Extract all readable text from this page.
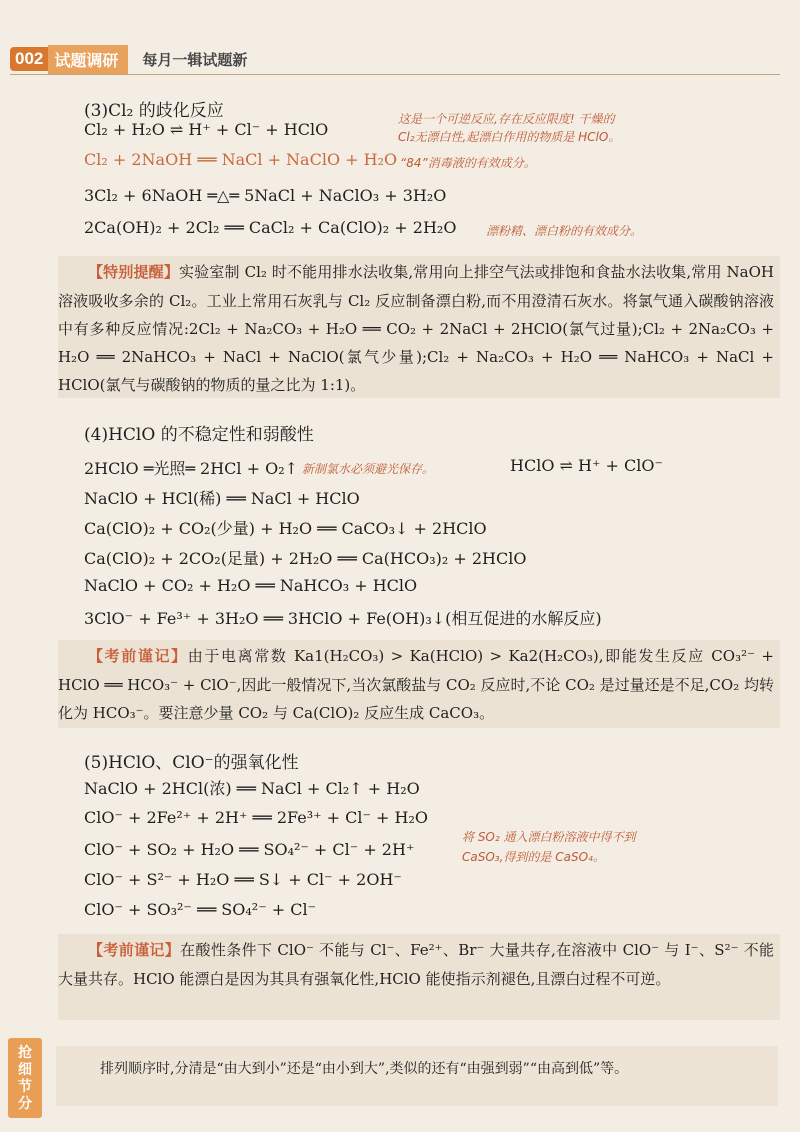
002 试题调研	每月一辑试题新
(3)Cl₂ 的歧化反应
Cl₂ + H₂O ⇌ H⁺ + Cl⁻ + HClO
这是一个可逆反应,存在反应限度! 干燥的
Cl₂无漂白性,起漂白作用的物质是 HClO。
Cl₂ + 2NaOH ══ NaCl + NaClO + H₂O “84”消毒液的有效成分。
3Cl₂ + 6NaOH ═△═ 5NaCl + NaClO₃ + 3H₂O
2Ca(OH)₂ + 2Cl₂ ══ CaCl₂ + Ca(ClO)₂ + 2H₂O 漂粉精、漂白粉的有效成分。
【特别提醒】实验室制 Cl₂ 时不能用排水法收集,常用向上排空气法或排饱和食盐水法收集,常用 NaOH 溶液吸收多余的 Cl₂。工业上常用石灰乳与 Cl₂ 反应制备漂白粉,而不用澄清石灰水。将氯气通入碳酸钠溶液中有多种反应情况:2Cl₂ + Na₂CO₃ + H₂O ══ CO₂ + 2NaCl + 2HClO(氯气过量);Cl₂ + 2Na₂CO₃ + H₂O ══ 2NaHCO₃ + NaCl + NaClO(氯气少量);Cl₂ + Na₂CO₃ + H₂O ══ NaHCO₃ + NaCl + HClO(氯气与碳酸钠的物质的量之比为 1:1)。
(4)HClO 的不稳定性和弱酸性
2HClO ═光照═ 2HCl + O₂↑ 新制氯水必须避光保存。	HClO ⇌ H⁺ + ClO⁻
NaClO + HCl(稀) ══ NaCl + HClO
Ca(ClO)₂ + CO₂(少量) + H₂O ══ CaCO₃↓ + 2HClO
Ca(ClO)₂ + 2CO₂(足量) + 2H₂O ══ Ca(HCO₃)₂ + 2HClO
NaClO + CO₂ + H₂O ══ NaHCO₃ + HClO
3ClO⁻ + Fe³⁺ + 3H₂O ══ 3HClO + Fe(OH)₃↓(相互促进的水解反应)
【考前谨记】由于电离常数 Ka1(H₂CO₃) > Ka(HClO) > Ka2(H₂CO₃),即能发生反应 CO₃²⁻ + HClO ══ HCO₃⁻ + ClO⁻,因此一般情况下,当次氯酸盐与 CO₂ 反应时,不论 CO₂ 是过量还是不足,CO₂ 均转化为 HCO₃⁻。要注意少量 CO₂ 与 Ca(ClO)₂ 反应生成 CaCO₃。
(5)HClO、ClO⁻的强氧化性
NaClO + 2HCl(浓) ══ NaCl + Cl₂↑ + H₂O
ClO⁻ + 2Fe²⁺ + 2H⁺ ══ 2Fe³⁺ + Cl⁻ + H₂O
ClO⁻ + SO₂ + H₂O ══ SO₄²⁻ + Cl⁻ + 2H⁺
将 SO₂ 通入漂白粉溶液中得不到
CaSO₃,得到的是 CaSO₄。
ClO⁻ + S²⁻ + H₂O ══ S↓ + Cl⁻ + 2OH⁻
ClO⁻ + SO₃²⁻ ══ SO₄²⁻ + Cl⁻
【考前谨记】在酸性条件下 ClO⁻ 不能与 Cl⁻、Fe²⁺、Br⁻ 大量共存,在溶液中 ClO⁻ 与 I⁻、S²⁻ 不能大量共存。HClO 能漂白是因为其具有强氧化性,HClO 能使指示剂褪色,且漂白过程不可逆。
抢细节分
排列顺序时,分清是“由大到小”还是“由小到大”,类似的还有“由强到弱”“由高到低”等。
